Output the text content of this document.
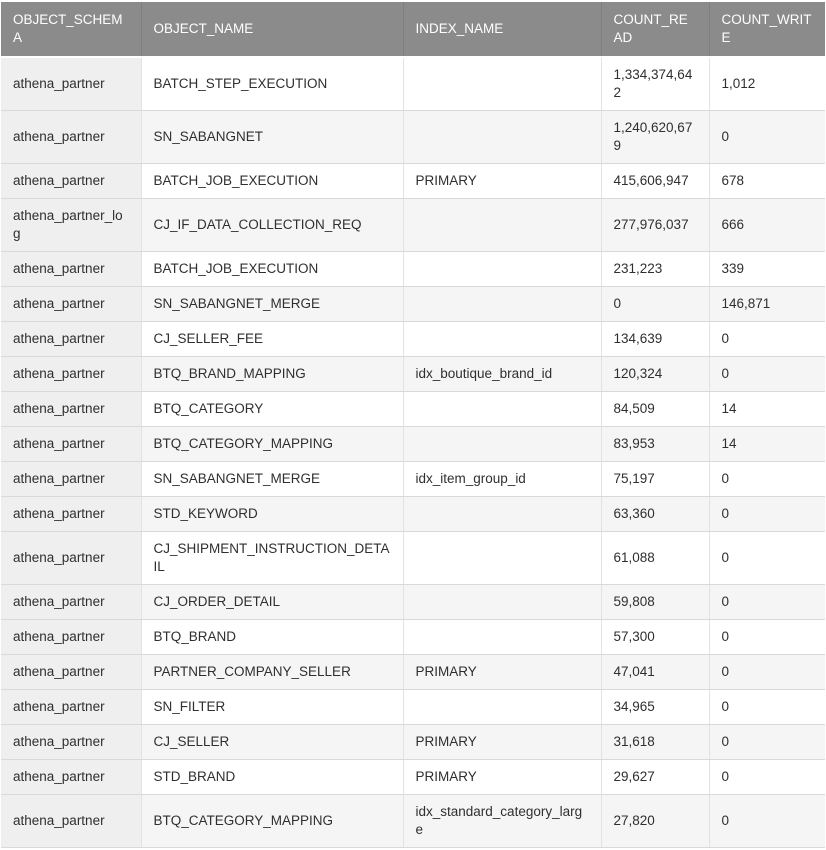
OBJECT_SCHEMA	OBJECT_NAME	INDEX_NAME	COUNT_READ	COUNT_WRITE
athena_partner	BATCH_STEP_EXECUTION		1,334,374,642	1,012
athena_partner	SN_SABANGNET		1,240,620,679	0
athena_partner	BATCH_JOB_EXECUTION	PRIMARY	415,606,947	678
athena_partner_log	CJ_IF_DATA_COLLECTION_REQ		277,976,037	666
athena_partner	BATCH_JOB_EXECUTION		231,223	339
athena_partner	SN_SABANGNET_MERGE		0	146,871
athena_partner	CJ_SELLER_FEE		134,639	0
athena_partner	BTQ_BRAND_MAPPING	idx_boutique_brand_id	120,324	0
athena_partner	BTQ_CATEGORY		84,509	14
athena_partner	BTQ_CATEGORY_MAPPING		83,953	14
athena_partner	SN_SABANGNET_MERGE	idx_item_group_id	75,197	0
athena_partner	STD_KEYWORD		63,360	0
athena_partner	CJ_SHIPMENT_INSTRUCTION_DETAIL		61,088	0
athena_partner	CJ_ORDER_DETAIL		59,808	0
athena_partner	BTQ_BRAND		57,300	0
athena_partner	PARTNER_COMPANY_SELLER	PRIMARY	47,041	0
athena_partner	SN_FILTER		34,965	0
athena_partner	CJ_SELLER	PRIMARY	31,618	0
athena_partner	STD_BRAND	PRIMARY	29,627	0
athena_partner	BTQ_CATEGORY_MAPPING	idx_standard_category_large	27,820	0
